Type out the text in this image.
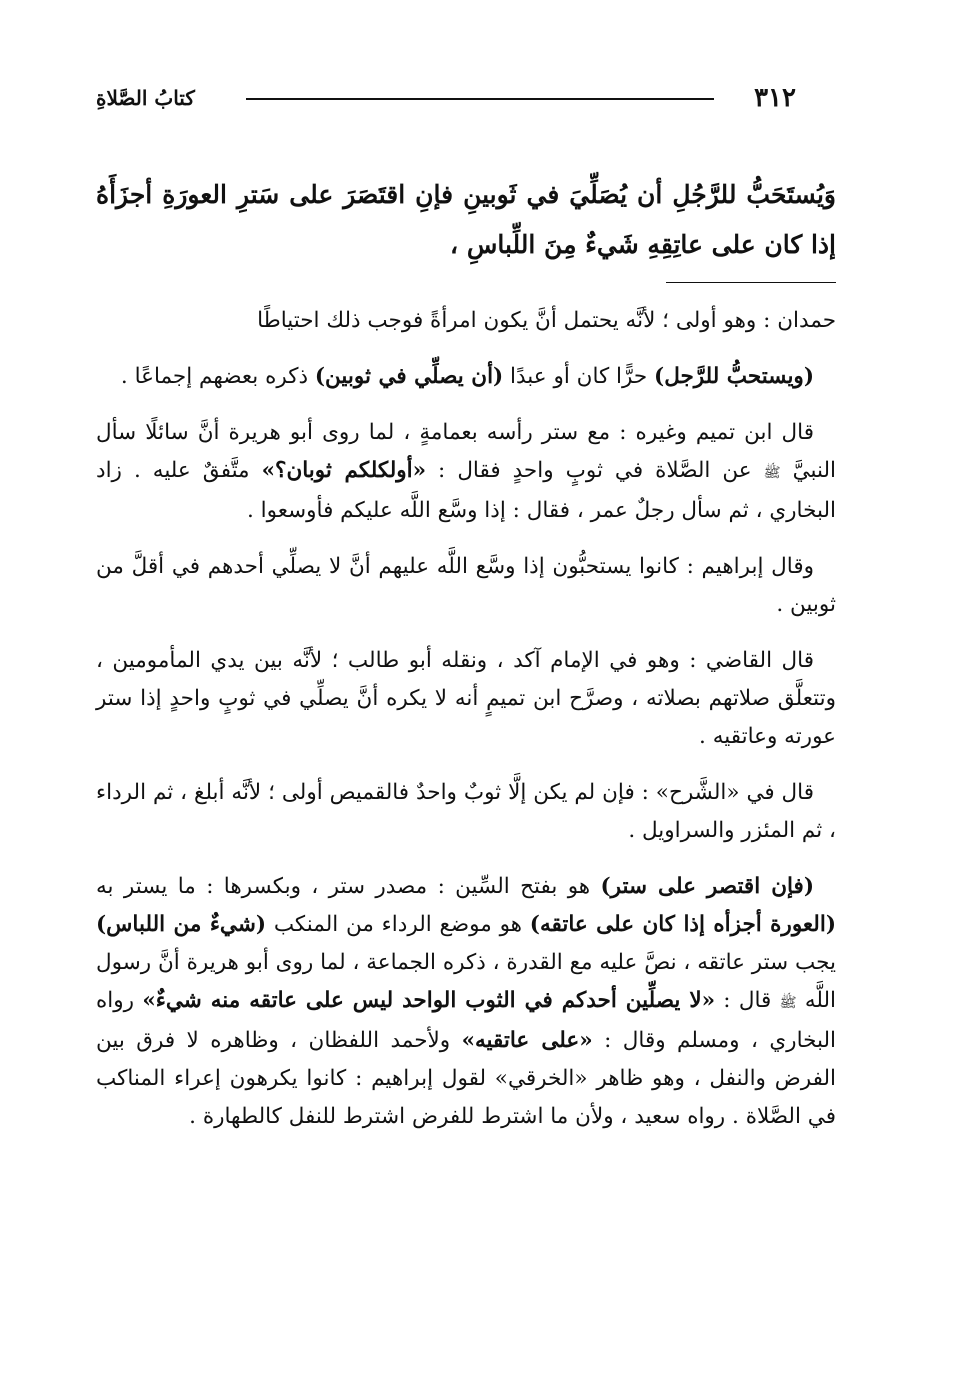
٣١٢
كتابُ الصَّلاةِ

وَيُستَحَبُّ للرَّجُلِ أن يُصَلِّيَ في ثَوبينِ فإنِ اقتَصَرَ على سَترِ العورَةِ أجزَأَهُ إذا كان على عاتِقِهِ شَيءٌ مِنَ اللِّباسِ ،

حمدان : وهو أولى ؛ لأنَّه يحتمل أنَّ يكون امرأةً فوجب ذلك احتياطًا

(ويستحبُّ للرَّجل) حرًّا كان أو عبدًا (أن يصلِّي في ثوبين) ذكره بعضهم إجماعًا .

قال ابن تميم وغيره : مع ستر رأسه بعمامةٍ ، لما روى أبو هريرة أنَّ سائلًا سأل النبيَّ ﷺ عن الصَّلاة في ثوبٍ واحدٍ فقال : «أولكلكم ثوبان؟» متَّفقٌ عليه . زاد البخاري ، ثم سأل رجلٌ عمر ، فقال : إذا وسَّع اللَّه عليكم فأوسعوا .

وقال إبراهيم : كانوا يستحبُّون إذا وسَّع اللَّه عليهم أنَّ لا يصلِّي أحدهم في أقلَّ من ثوبين .

قال القاضي : وهو في الإمام آكد ، ونقله أبو طالب ؛ لأنَّه بين يدي المأمومين ، وتتعلَّق صلاتهم بصلاته ، وصرَّح ابن تميمٍ أنه لا يكره أنَّ يصلِّي في ثوبٍ واحدٍ إذا ستر عورته وعاتقيه .

قال في «الشَّرح» : فإن لم يكن إلَّا ثوبٌ واحدٌ فالقميص أولى ؛ لأنَّه أبلغ ، ثم الرداء ، ثم المئزر والسراويل .

(فإن اقتصر على ستر) هو بفتح السِّين : مصدر ستر ، وبكسرها : ما يستر به (العورة أجزأه إذا كان على عاتقه) هو موضع الرداء من المنكب (شيءٌ من اللباس) يجب ستر عاتقه ، نصَّ عليه مع القدرة ، ذكره الجماعة ، لما روى أبو هريرة أنَّ رسول اللَّه ﷺ قال : «لا يصلِّين أحدكم في الثوب الواحد ليس على عاتقه منه شيءٌ» رواه البخاري ، ومسلم وقال : «على عاتقيه» ولأحمد اللفظان ، وظاهره لا فرق بين الفرض والنفل ، وهو ظاهر «الخرقي» لقول إبراهيم : كانوا يكرهون إعراء المناكب في الصَّلاة . رواه سعيد ، ولأن ما اشترط للفرض اشترط للنفل كالطهارة .
